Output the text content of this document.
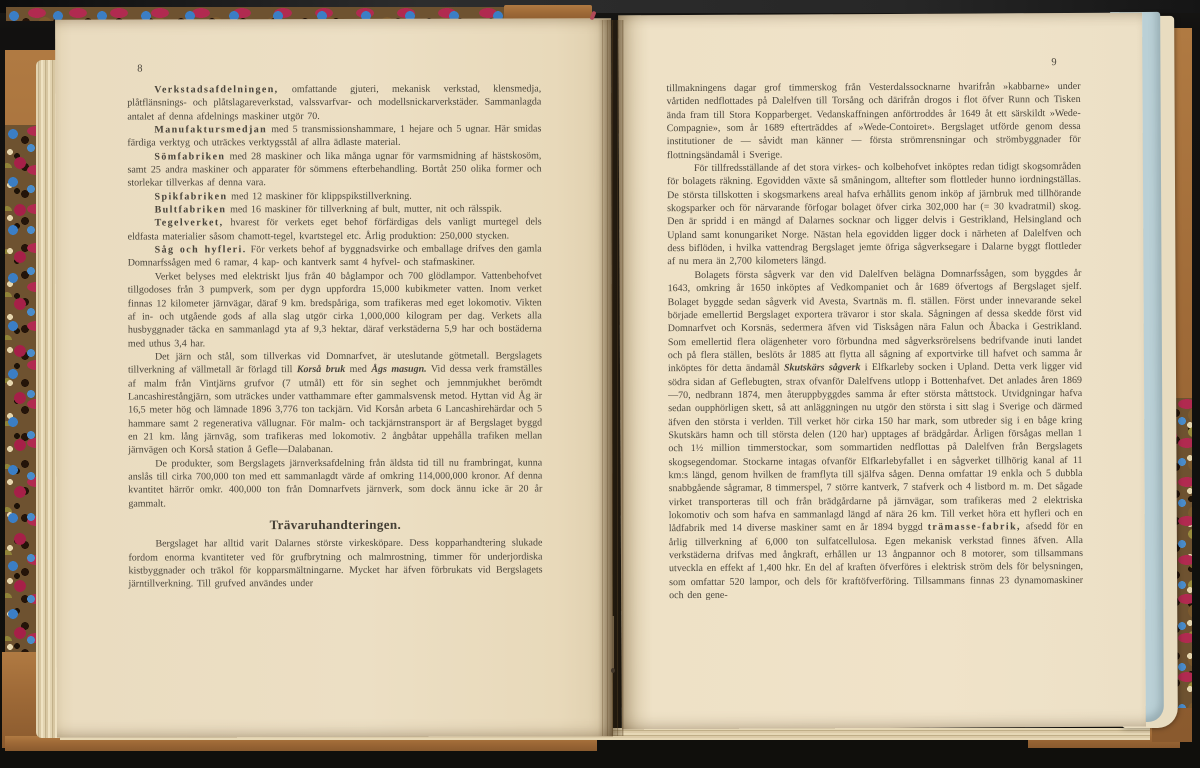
8

Verkstadsafdelningen, omfattande gjuteri, mekanisk verkstad, klensmedja, plåtflänsnings- och plåtslagareverkstad, valssvarfvar- och modellsnickarverkstäder. Sammanlagda antalet af denna afdelnings maskiner utgör 70.

Manufaktursmedjan med 5 transmissionshammare, 1 hejare och 5 ugnar. Här smidas färdiga verktyg och uträckes verktygsstål af allra ädlaste material.

Sömfabriken med 28 maskiner och lika många ugnar för varmsmidning af hästskosöm, samt 25 andra maskiner och apparater för sömmens efterbehandling. Bortåt 250 olika former och storlekar tillverkas af denna vara.

Spikfabriken med 12 maskiner för klippspikstillverkning.

Bultfabriken med 16 maskiner för tillverkning af bult, mutter, nit och rälsspik.

Tegelverket, hvarest för verkets eget behof förfärdigas dels vanligt murtegel dels eldfasta materialier såsom chamott-tegel, kvartstegel etc. Årlig produktion: 250,000 stycken.

Såg och hyfleri. För verkets behof af byggnadsvirke och emballage drifves den gamla Domnarfssågen med 6 ramar, 4 kap- och kantverk samt 4 hyfvel- och stafmaskiner.

Verket belyses med elektriskt ljus från 40 båglampor och 700 glödlampor. Vattenbehofvet tillgodoses från 3 pumpverk, som per dygn uppfordra 15,000 kubikmeter vatten. Inom verket finnas 12 kilometer järnvägar, däraf 9 km. bredspåriga, som trafikeras med eget lokomotiv. Vikten af in- och utgående gods af alla slag utgör cirka 1,000,000 kilogram per dag. Verkets alla husbyggnader täcka en sammanlagd yta af 9,3 hektar, däraf verkstäderna 5,9 har och bostäderna med uthus 3,4 har.

Det järn och stål, som tillverkas vid Domnarfvet, är uteslutande götmetall. Bergslagets tillverkning af vällmetall är förlagd till Korså bruk med Ågs masugn. Vid dessa verk framställes af malm från Vintjärns grufvor (7 utmål) ett för sin seghet och jemnmjukhet berömdt Lancashirestångjärn, som uträckes under vatthammare efter gammalsvensk metod. Hyttan vid Åg är 16,5 meter hög och lämnade 1896 3,776 ton tackjärn. Vid Korsån arbeta 6 Lancashirehärdar och 5 hammare samt 2 regenerativa vällugnar. För malm- och tackjärnstransport är af Bergslaget byggd en 21 km. lång järnväg, som trafikeras med lokomotiv. 2 ångbåtar uppehålla trafiken mellan järnvägen och Korså station å Gefle—Dalabanan.

De produkter, som Bergslagets järnverksafdelning från äldsta tid till nu frambringat, kunna anslås till cirka 700,000 ton med ett sammanlagdt värde af omkring 114,000,000 kronor. Af denna kvantitet härrör omkr. 400,000 ton från Domnarfvets järnverk, som dock ännu icke är 20 år gammalt.

Trävaruhandteringen.

Bergslaget har alltid varit Dalarnes störste virkesköpare. Dess kopparhandtering slukade fordom enorma kvantiteter ved för grufbrytning och malmrostning, timmer för underjordiska kistbyggnader och träkol för kopparsmältningarne. Mycket har äfven förbrukats vid Bergslagets järntillverkning. Till grufved användes under

9

tillmakningens dagar grof timmerskog från Vesterdalssocknarne hvarifrån »kabbarne» under vårtiden nedflottades på Dalelfven till Torsång och därifrån drogos i flot öfver Runn och Tisken ända fram till Stora Kopparberget. Vedanskaffningen anförtroddes år 1649 åt ett särskildt »Wede-Compagnie», som år 1689 efterträddes af »Wede-Contoiret». Bergslaget utförde genom dessa institutioner de — såvidt man känner — första strömrensningar och strömbyggnader för flottningsändamål i Sverige.

För tillfredsställande af det stora virkes- och kolbehofvet inköptes redan tidigt skogsområden för bolagets räkning. Egovidden växte så småningom, alltefter som flottleder hunno iordningställas. De största tillskotten i skogsmarkens areal hafva erhållits genom inköp af järnbruk med tillhörande skogsparker och för närvarande förfogar bolaget öfver cirka 302,000 har (= 30 kvadratmil) skog. Den är spridd i en mängd af Dalarnes socknar och ligger delvis i Gestrikland, Helsingland och Upland samt konungariket Norge. Nästan hela egovidden ligger dock i närheten af Dalelfven och dess biflöden, i hvilka vattendrag Bergslaget jemte öfriga sågverksegare i Dalarne byggt flottleder af nu mera än 2,700 kilometers längd.

Bolagets första sågverk var den vid Dalelfven belägna Domnarfssågen, som byggdes år 1643, omkring år 1650 inköptes af Vedkompaniet och år 1689 öfvertogs af Bergslaget sjelf. Bolaget byggde sedan sågverk vid Avesta, Svartnäs m. fl. ställen. Först under innevarande sekel började emellertid Bergslaget exportera trävaror i stor skala. Sågningen af dessa skedde först vid Domnarfvet och Korsnäs, sedermera äfven vid Tisksågen nära Falun och Åbacka i Gestrikland. Som emellertid flera olägenheter voro förbundna med sågverksrörelsens bedrifvande inuti landet och på flera ställen, beslöts år 1885 att flytta all sågning af exportvirke till hafvet och samma år inköptes för detta ändamål Skutskärs sågverk i Elfkarleby socken i Upland. Detta verk ligger vid södra sidan af Geflebugten, strax ofvanför Dalelfvens utlopp i Bottenhafvet. Det anlades åren 1869—70, nedbrann 1874, men återuppbyggdes samma år efter största måttstock. Utvidgningar hafva sedan oupphörligen skett, så att anläggningen nu utgör den största i sitt slag i Sverige och därmed äfven den största i verlden. Till verket hör cirka 150 har mark, som utbreder sig i en båge kring Skutskärs hamn och till största delen (120 har) upptages af brädgårdar. Årligen försågas mellan 1 och 1½ million timmerstockar, som sommartiden nedflottas på Dalelfven från Bergslagets skogsegendomar. Stockarne intagas ofvanför Elfkarlebyfallet i en sågverket tillhörig kanal af 11 km:s längd, genom hvilken de framflyta till själfva sågen. Denna omfattar 19 enkla och 5 dubbla snabbgående sågramar, 8 timmerspel, 7 större kantverk, 7 stafverk och 4 listbord m. m. Det sågade virket transporteras till och från brädgårdarne på järnvägar, som trafikeras med 2 elektriska lokomotiv och som hafva en sammanlagd längd af nära 26 km. Till verket höra ett hyfleri och en lådfabrik med 14 diverse maskiner samt en år 1894 byggd trämasse-fabrik, afsedd för en årlig tillverkning af 6,000 ton sulfatcellulosa. Egen mekanisk verkstad finnes äfven. Alla verkstäderna drifvas med ångkraft, erhållen ur 13 ångpannor och 8 motorer, som tillsammans utveckla en effekt af 1,400 hkr. En del af kraften öfverföres i elektrisk ström dels för belysningen, som omfattar 520 lampor, och dels för kraftöfverföring. Tillsammans finnas 23 dynamomaskiner och den gene-
